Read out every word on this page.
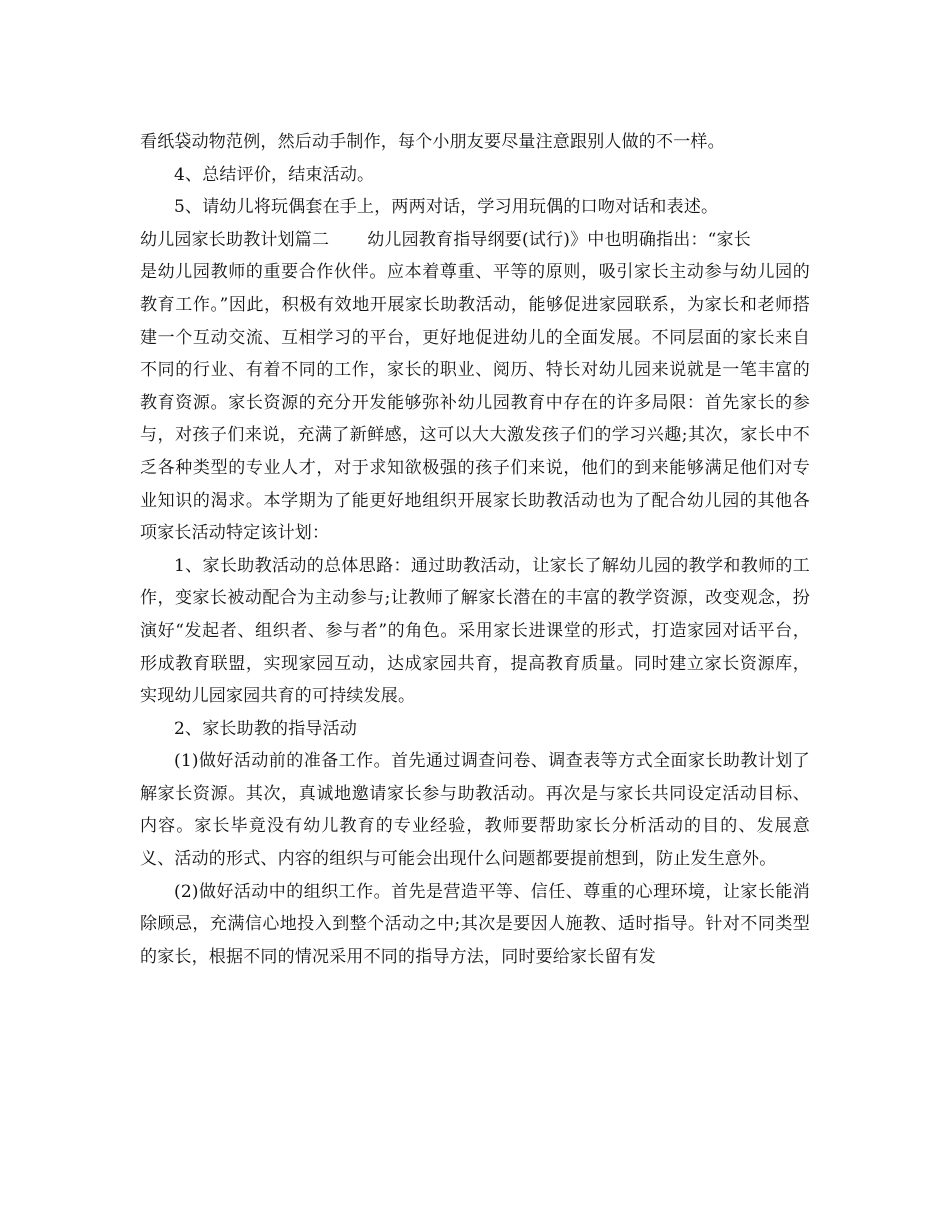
看纸袋动物范例，然后动手制作，每个小朋友要尽量注意跟别人做的不一样。

4、总结评价，结束活动。

5、请幼儿将玩偶套在手上，两两对话，学习用玩偶的口吻对话和表述。

幼儿园家长助教计划篇二 幼儿园教育指导纲要(试行)》中也明确指出：“家长

是幼儿园教师的重要合作伙伴。应本着尊重、平等的原则，吸引家长主动参与幼儿园的教育工作。”因此，积极有效地开展家长助教活动，能够促进家园联系，为家长和老师搭建一个互动交流、互相学习的平台，更好地促进幼儿的全面发展。不同层面的家长来自不同的行业、有着不同的工作，家长的职业、阅历、特长对幼儿园来说就是一笔丰富的教育资源。家长资源的充分开发能够弥补幼儿园教育中存在的许多局限：首先家长的参与，对孩子们来说，充满了新鲜感，这可以大大激发孩子们的学习兴趣;其次，家长中不乏各种类型的专业人才，对于求知欲极强的孩子们来说，他们的到来能够满足他们对专业知识的渴求。本学期为了能更好地组织开展家长助教活动也为了配合幼儿园的其他各项家长活动特定该计划：

1、家长助教活动的总体思路：通过助教活动，让家长了解幼儿园的教学和教师的工作，变家长被动配合为主动参与;让教师了解家长潜在的丰富的教学资源，改变观念，扮演好“发起者、组织者、参与者”的角色。采用家长进课堂的形式，打造家园对话平台，形成教育联盟，实现家园互动，达成家园共育，提高教育质量。同时建立家长资源库，实现幼儿园家园共育的可持续发展。

2、家长助教的指导活动

(1)做好活动前的准备工作。首先通过调查问卷、调查表等方式全面家长助教计划了解家长资源。其次，真诚地邀请家长参与助教活动。再次是与家长共同设定活动目标、内容。家长毕竟没有幼儿教育的专业经验，教师要帮助家长分析活动的目的、发展意义、活动的形式、内容的组织与可能会出现什么问题都要提前想到，防止发生意外。

(2)做好活动中的组织工作。首先是营造平等、信任、尊重的心理环境，让家长能消除顾忌，充满信心地投入到整个活动之中;其次是要因人施教、适时指导。针对不同类型的家长，根据不同的情况采用不同的指导方法，同时要给家长留有发
